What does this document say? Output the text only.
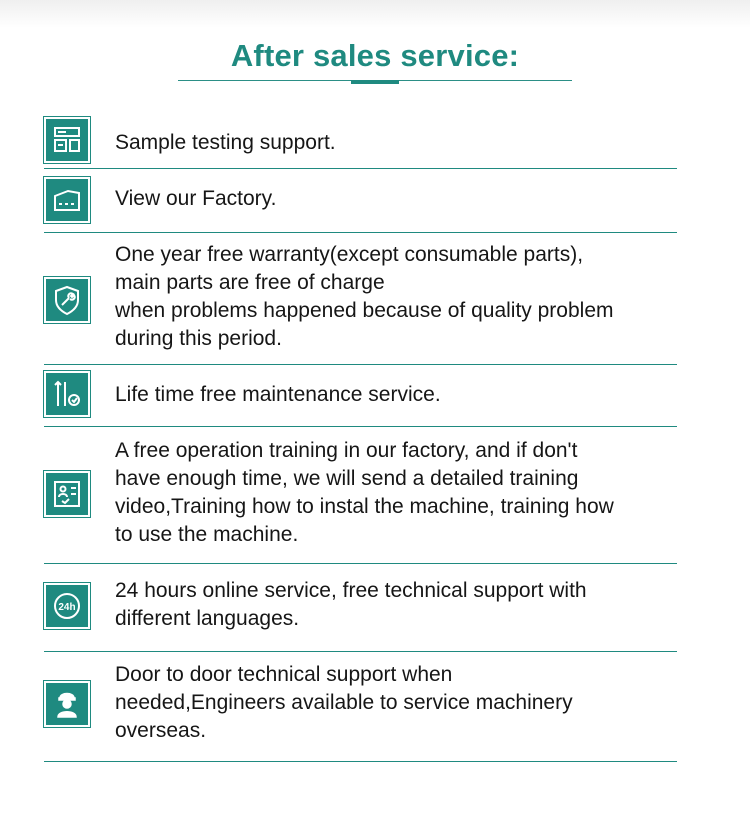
After sales service:
Sample testing support.
View our Factory.
One year free warranty(except consumable parts),
main parts are free of charge
when problems happened because of quality problem
during this period.
Life time free maintenance service.
A free operation training in our factory, and if don't
have enough time, we will send a detailed training
video,Training how to instal the machine, training how
to use the machine.
24h
24 hours online service, free technical support with
different languages.
Door to door technical support when
needed,Engineers available to service machinery
overseas.
